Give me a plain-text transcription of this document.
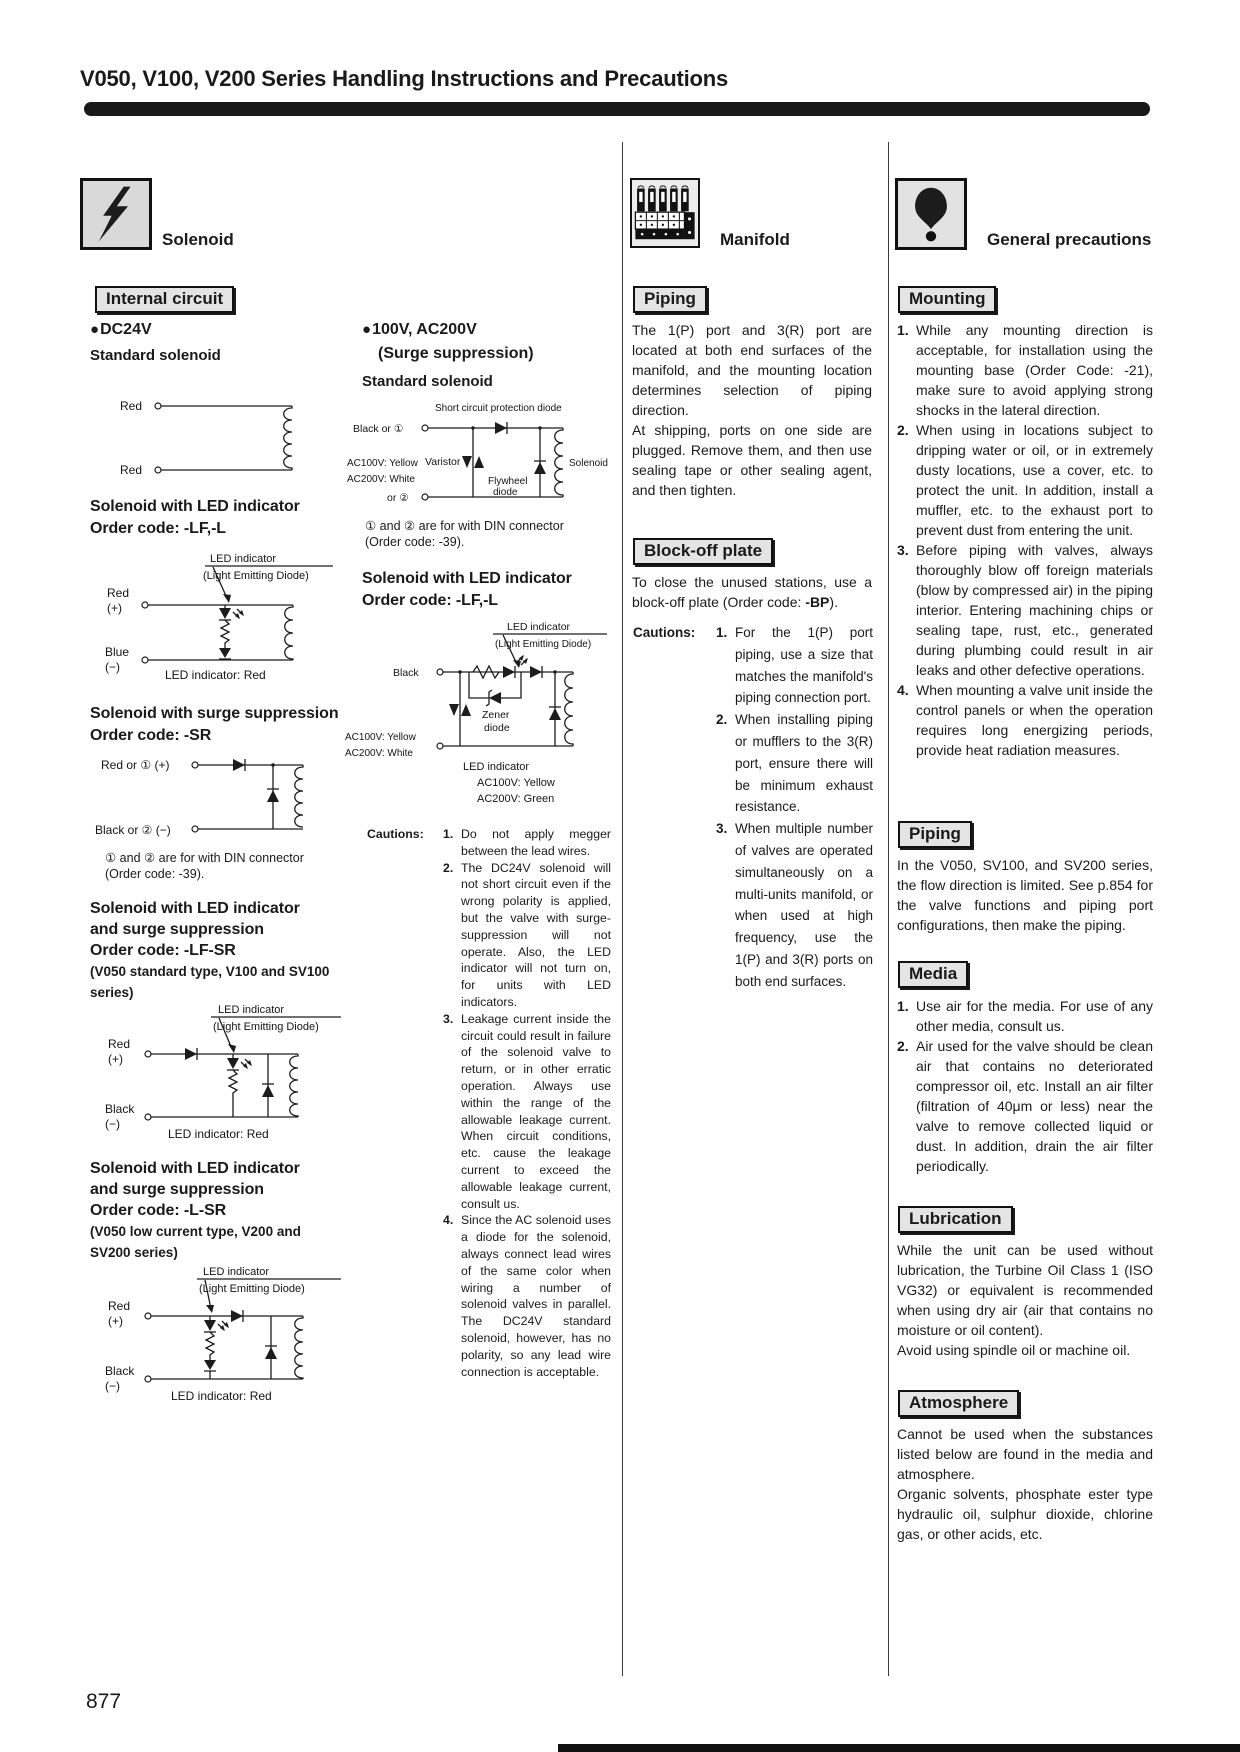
V050, V100, V200 Series Handling Instructions and Precautions
Solenoid	Manifold	General precautions
Internal circuit
●DC24V
Standard solenoid
Red
Red
Solenoid with LED indicator
Order code: -LF,-L
LED indicator
(Light Emitting Diode)
Red
(+)
Blue
(−)
LED indicator: Red
Solenoid with surge suppression
Order code: -SR
Red or ① (+)
Black or ② (−)
① and ② are for with DIN connector
(Order code: -39).
Solenoid with LED indicator
and surge suppression
Order code: -LF-SR
(V050 standard type, V100 and SV100
series)
LED indicator
(Light Emitting Diode)
Red
(+)
Black
(−)
LED indicator: Red
Solenoid with LED indicator
and surge suppression
Order code: -L-SR
(V050 low current type, V200 and
SV200 series)
LED indicator
(Light Emitting Diode)
Red
(+)
Black
(−)
LED indicator: Red
●100V, AC200V
(Surge suppression)
Standard solenoid
Short circuit protection diode
Black or ①
Varistor
Flywheel
diode
Solenoid
AC100V: Yellow
AC200V: White
or ②
① and ② are for with DIN connector
(Order code: -39).
Solenoid with LED indicator
Order code: -LF,-L
LED indicator
(Light Emitting Diode)
Black
Zener
diode
AC100V: Yellow
AC200V: White
LED indicator
AC100V: Yellow
AC200V: Green
Cautions: 1. Do not apply megger between the lead wires.
2. The DC24V solenoid will not short circuit even if the wrong polarity is applied, but the valve with surge-suppression will not operate. Also, the LED indicator will not turn on, for units with LED indicators.
3. Leakage current inside the circuit could result in failure of the solenoid valve to return, or in other erratic operation. Always use within the range of the allowable leakage current. When circuit conditions, etc. cause the leakage current to exceed the allowable leakage current, consult us.
4. Since the AC solenoid uses a diode for the solenoid, always connect lead wires of the same color when wiring a number of solenoid valves in parallel. The DC24V standard solenoid, however, has no polarity, so any lead wire connection is acceptable.
Piping

The 1(P) port and 3(R) port are located at both end surfaces of the manifold, and the mounting location determines selection of piping direction.

At shipping, ports on one side are plugged. Remove them, and then use sealing tape or other sealing agent, and then tighten.

Block-off plate
To close the unused stations, use a block-off plate (Order code: -BP).
Cautions: 1. For the 1(P) port piping, use a size that matches the manifold's piping connection port.
2. When installing piping or mufflers to the 3(R) port, ensure there will be minimum exhaust resistance.
3. When multiple number of valves are operated simultaneously on a multi-units manifold, or when used at high frequency, use the 1(P) and 3(R) ports on both end surfaces.
Mounting
1. While any mounting direction is acceptable, for installation using the mounting base (Order Code: -21), make sure to avoid applying strong shocks in the lateral direction.
2. When using in locations subject to dripping water or oil, or in extremely dusty locations, use a cover, etc. to protect the unit. In addition, install a muffler, etc. to the exhaust port to prevent dust from entering the unit.
3. Before piping with valves, always thoroughly blow off foreign materials (blow by compressed air) in the piping interior. Entering machining chips or sealing tape, rust, etc., generated during plumbing could result in air leaks and other defective operations.
4. When mounting a valve unit inside the control panels or when the operation requires long energizing periods, provide heat radiation measures.
Piping
In the V050, SV100, and SV200 series, the flow direction is limited. See p.854 for the valve functions and piping port configurations, then make the piping.
Media
1. Use air for the media. For use of any other media, consult us.
2. Air used for the valve should be clean air that contains no deteriorated compressor oil, etc. Install an air filter (filtration of 40μm or less) near the valve to remove collected liquid or dust. In addition, drain the air filter periodically.
Lubrication

While the unit can be used without lubrication, the Turbine Oil Class 1 (ISO VG32) or equivalent is recommended when using dry air (air that contains no moisture or oil content).

Avoid using spindle oil or machine oil.

Atmosphere

Cannot be used when the substances listed below are found in the media and atmosphere.

Organic solvents, phosphate ester type hydraulic oil, sulphur dioxide, chlorine gas, or other acids, etc.

877
